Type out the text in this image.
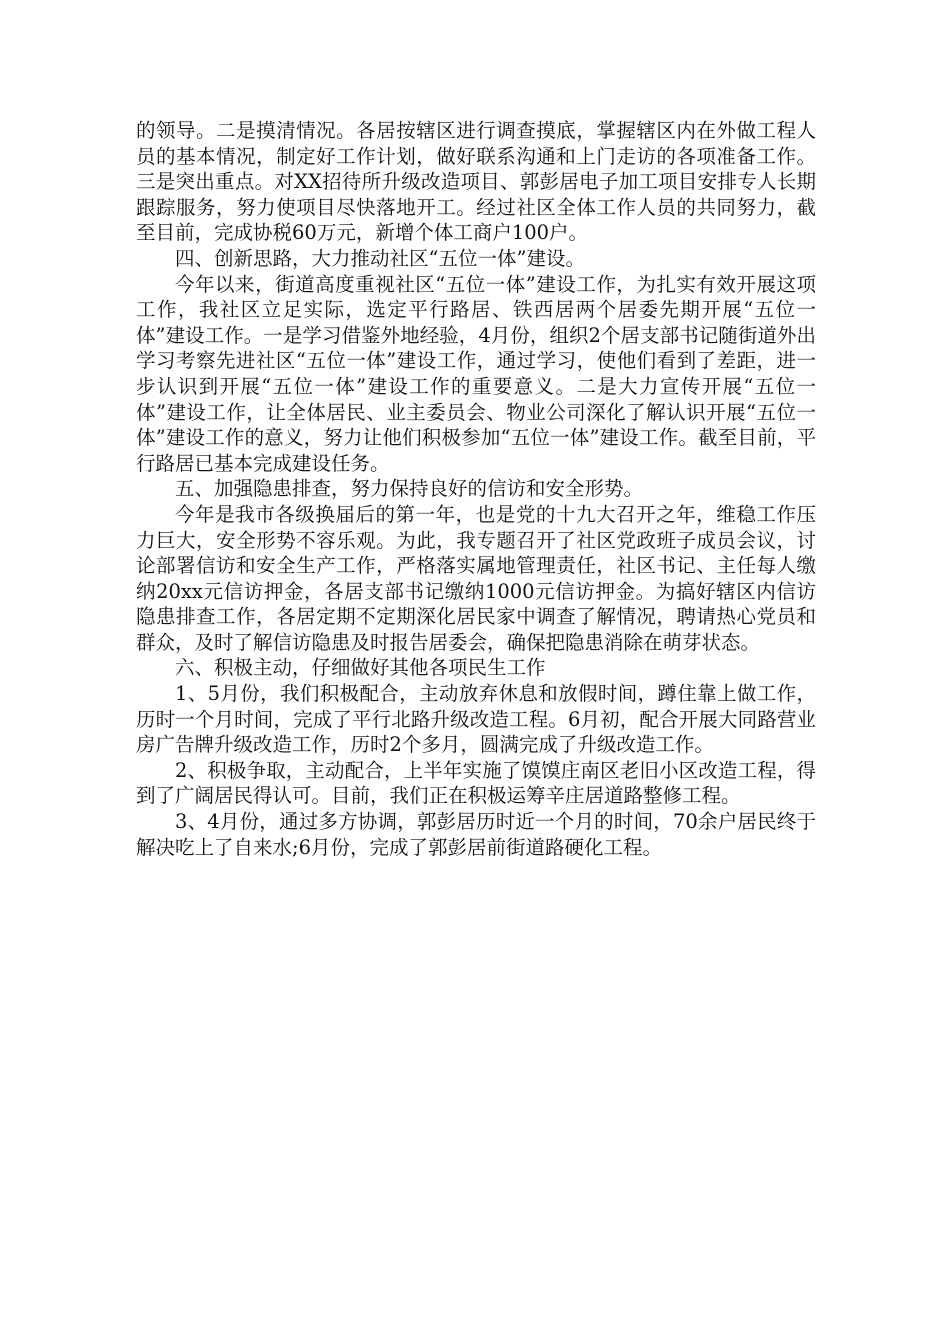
的领导。二是摸清情况。各居按辖区进行调查摸底，掌握辖区内在外做工程人员的基本情况，制定好工作计划，做好联系沟通和上门走访的各项准备工作。三是突出重点。对XX招待所升级改造项目、郭彭居电子加工项目安排专人长期跟踪服务，努力使项目尽快落地开工。经过社区全体工作人员的共同努力，截至目前，完成协税60万元，新增个体工商户100户。

四、创新思路，大力推动社区“五位一体”建设。

今年以来，街道高度重视社区“五位一体”建设工作，为扎实有效开展这项工作，我社区立足实际，选定平行路居、铁西居两个居委先期开展“五位一体”建设工作。一是学习借鉴外地经验，4月份，组织2个居支部书记随街道外出学习考察先进社区“五位一体”建设工作，通过学习，使他们看到了差距，进一步认识到开展“五位一体”建设工作的重要意义。二是大力宣传开展“五位一体”建设工作，让全体居民、业主委员会、物业公司深化了解认识开展“五位一体”建设工作的意义，努力让他们积极参加“五位一体”建设工作。截至目前，平行路居已基本完成建设任务。

五、加强隐患排查，努力保持良好的信访和安全形势。

今年是我市各级换届后的第一年，也是党的十九大召开之年，维稳工作压力巨大，安全形势不容乐观。为此，我专题召开了社区党政班子成员会议，讨论部署信访和安全生产工作，严格落实属地管理责任，社区书记、主任每人缴纳20xx元信访押金，各居支部书记缴纳1000元信访押金。为搞好辖区内信访隐患排查工作，各居定期不定期深化居民家中调查了解情况，聘请热心党员和群众，及时了解信访隐患及时报告居委会，确保把隐患消除在萌芽状态。

六、积极主动，仔细做好其他各项民生工作

1、5月份，我们积极配合，主动放弃休息和放假时间，蹲住靠上做工作，历时一个月时间，完成了平行北路升级改造工程。6月初，配合开展大同路营业房广告牌升级改造工作，历时2个多月，圆满完成了升级改造工作。

2、积极争取，主动配合，上半年实施了馍馍庄南区老旧小区改造工程，得到了广阔居民得认可。目前，我们正在积极运筹辛庄居道路整修工程。

3、4月份，通过多方协调，郭彭居历时近一个月的时间，70余户居民终于解决吃上了自来水;6月份，完成了郭彭居前街道路硬化工程。
